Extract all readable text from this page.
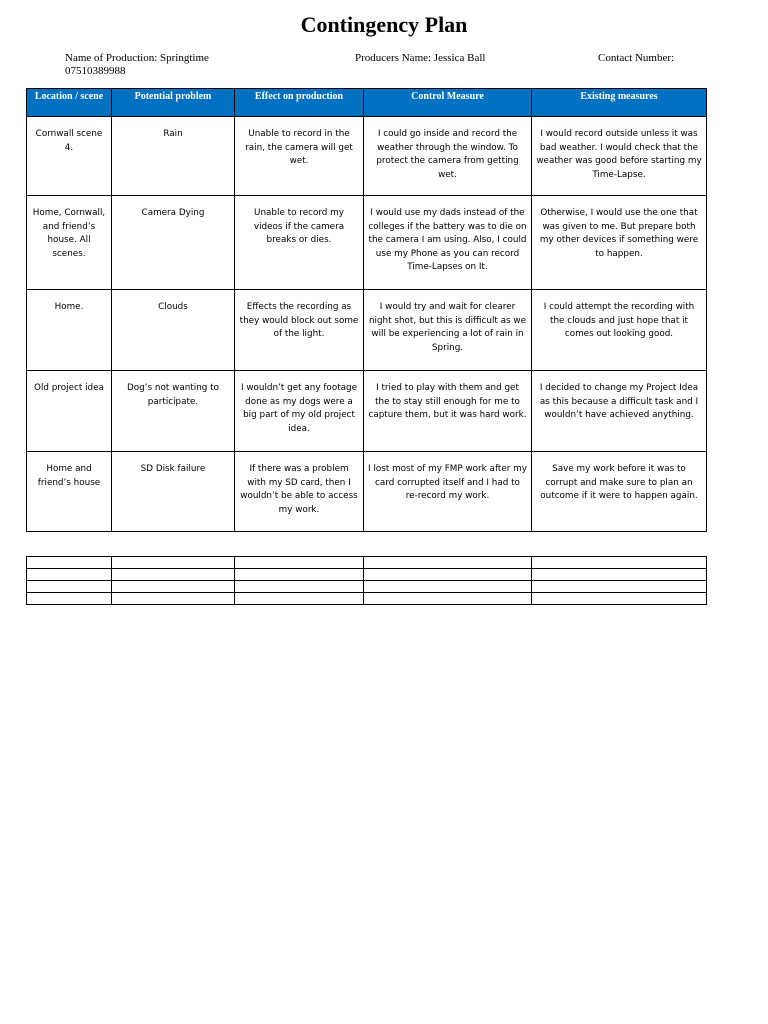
Contingency Plan
Name of Production: Springtime	Producers Name: Jessica Ball	Contact Number:
07510389988
Location / scene	Potential problem	Effect on production	Control Measure	Existing measures
Cornwall scene 4.	Rain	Unable to record in the rain, the camera will get wet.	I could go inside and record the weather through the window. To protect the camera from getting wet.	I would record outside unless it was bad weather. I would check that the weather was good before starting my Time-Lapse.
Home, Cornwall, and friend’s house. All scenes.	Camera Dying	Unable to record my videos if the camera breaks or dies.	I would use my dads instead of the colleges if the battery was to die on the camera I am using. Also, I could use my Phone as you can record Time-Lapses on It.	Otherwise, I would use the one that was given to me. But prepare both my other devices if something were to happen.
Home.	Clouds	Effects the recording as they would block out some of the light.	I would try and wait for clearer night shot, but this is difficult as we will be experiencing a lot of rain in Spring.	I could attempt the recording with the clouds and just hope that it comes out looking good.
Old project idea	Dog’s not wanting to participate.	I wouldn’t get any footage done as my dogs were a big part of my old project idea.	I tried to play with them and get the to stay still enough for me to capture them, but it was hard work.	I decided to change my Project Idea as this because a difficult task and I wouldn’t have achieved anything.
Home and friend’s house	SD Disk failure	If there was a problem with my SD card, then I wouldn’t be able to access my work.	I lost most of my FMP work after my card corrupted itself and I had to re-record my work.	Save my work before it was to corrupt and make sure to plan an outcome if it were to happen again.
